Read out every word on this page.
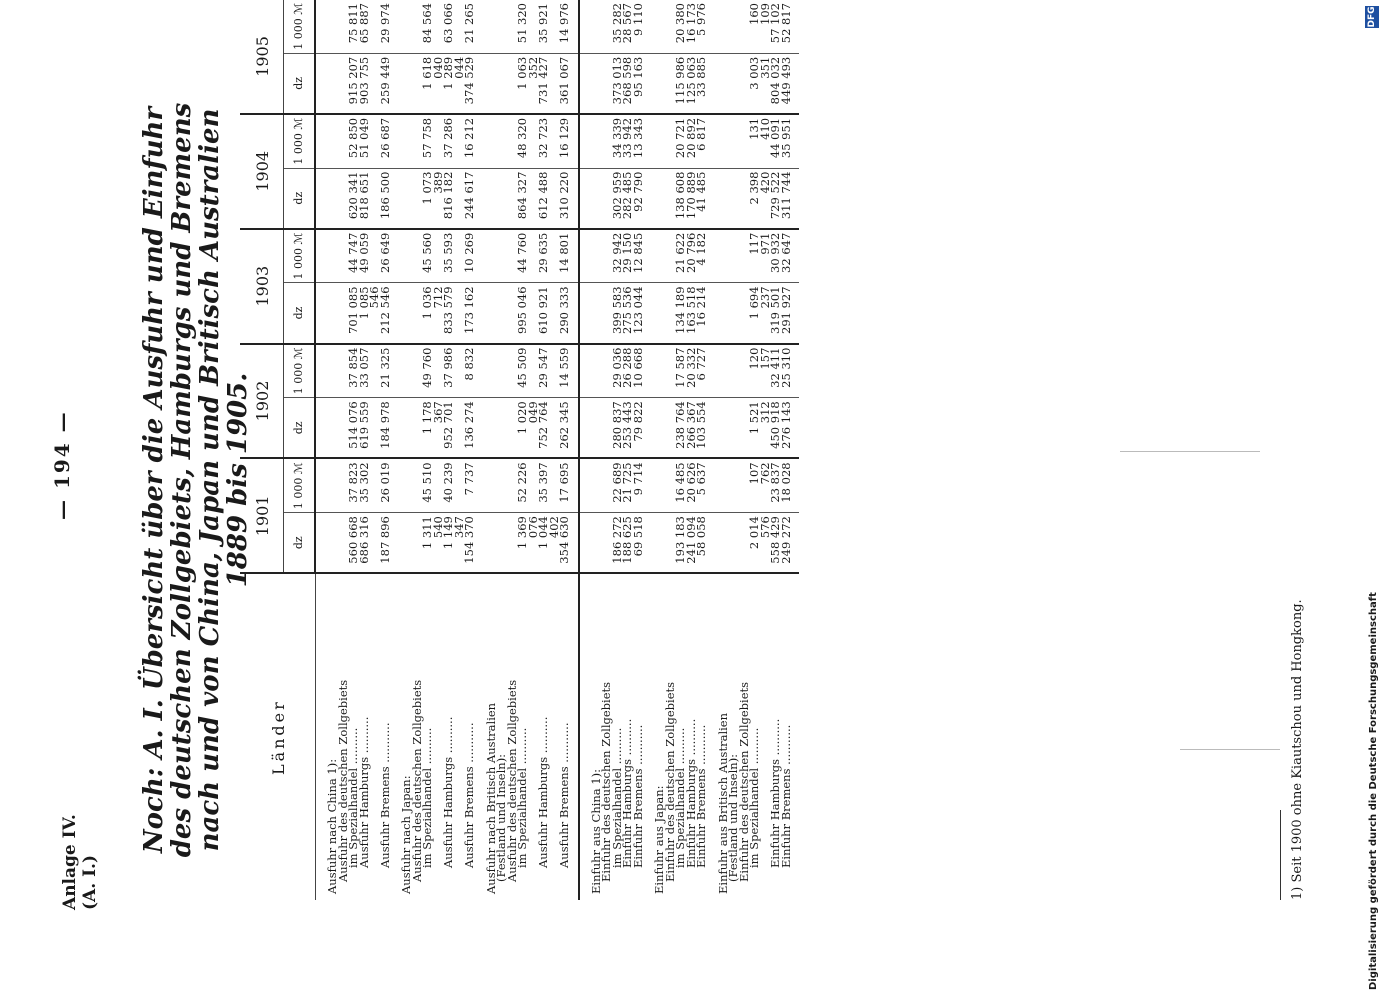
— 194 —
Anlage IV. (A. I.)
Noch: A. I. Übersicht über die Ausfuhr und Einfuhr des deutschen Zollgebiets, Hamburgs und Bremens nach und von China, Japan und Britisch Australien 1889 bis 1905.
Länder	1901		1902		1903		1904		1905	
	dz	1 000 ℳ	dz	1 000 ℳ	dz	1 000 ℳ	dz	1 000 ℳ	dz	1 000 ℳ

Ausfuhr nach China 1):										
Ausfuhr des deutschen Zollgebiets										
im Spezialhandel ..........	560 668	37 823	514 076	37 854	701 085	44 747	620 341	52 850	915 207	75 811
Ausfuhr Hamburgs ..........	686 316	35 302	619 559	33 057	1 085 546	49 059	818 651	51 049	903 755	65 887
Ausfuhr Bremens ...........	187 896	26 019	184 978	21 325	212 546	26 649	186 500	26 687	259 449	29 974

Ausfuhr nach Japan:										
Ausfuhr des deutschen Zollgebiets										
im Spezialhandel ..........	1 311 540	45 510	1 178 367	49 760	1 036 712	45 560	1 073 389	57 758	1 618 040	84 564
Ausfuhr Hamburgs ..........	1 149 347	40 239	952 701	37 986	833 579	35 593	816 182	37 286	1 289 044	63 066
Ausfuhr Bremens ...........	154 370	7 737	136 274	8 832	173 162	10 269	244 617	16 212	374 529	21 265

Ausfuhr nach Britisch Australien										
(Festland und Inseln):										
Ausfuhr des deutschen Zollgebiets										
im Spezialhandel ..........	1 369 076	52 226	1 020 049	45 509	995 046	44 760	864 327	48 320	1 063 352	51 320
Ausfuhr Hamburgs ..........	1 044 402	35 397	752 764	29 547	610 921	29 635	612 488	32 723	731 427	35 921
Ausfuhr Bremens ...........	354 630	17 695	262 345	14 559	290 333	14 801	310 220	16 129	361 067	14 976

Einfuhr aus China 1):										
Einfuhr des deutschen Zollgebiets										
im Spezialhandel ..........	186 272	22 689	280 837	29 036	399 583	32 942	302 959	34 339	373 013	35 282
Einfuhr Hamburgs ..........	188 625	21 725	253 443	26 288	275 536	29 150	282 485	33 942	268 598	28 567
Einfuhr Bremens ...........	69 518	9 714	79 822	10 668	123 044	12 845	92 790	13 343	95 163	9 110

Einfuhr aus Japan:										
Einfuhr des deutschen Zollgebiets										
im Spezialhandel ..........	193 183	16 485	238 764	17 587	134 189	21 622	138 608	20 721	115 986	20 380
Einfuhr Hamburgs ..........	241 094	20 626	266 367	20 332	163 518	20 796	170 889	20 892	125 063	16 173
Einfuhr Bremens ...........	58 058	5 637	103 554	6 727	16 214	4 182	41 485	6 817	33 885	5 976

Einfuhr aus Britisch Australien										
(Festland und Inseln):										
Einfuhr des deutschen Zollgebiets										
im Spezialhandel ..........	2 014 576	107 762	1 521 312	120 157	1 694 237	117 971	2 398 420	131 410	3 003 351	160 109
Einfuhr Hamburgs ..........	558 429	23 837	450 918	32 411	319 501	30 932	729 522	44 091	804 032	57 102
Einfuhr Bremens ...........	249 272	18 028	276 143	25 310	291 927	32 647	311 744	35 951	449 493	52 817

1) Seit 1900 ohne Kiautschou und Hongkong.	Digitalisierung gefördert durch die Deutsche Forschungsgemeinschaft
DFG
